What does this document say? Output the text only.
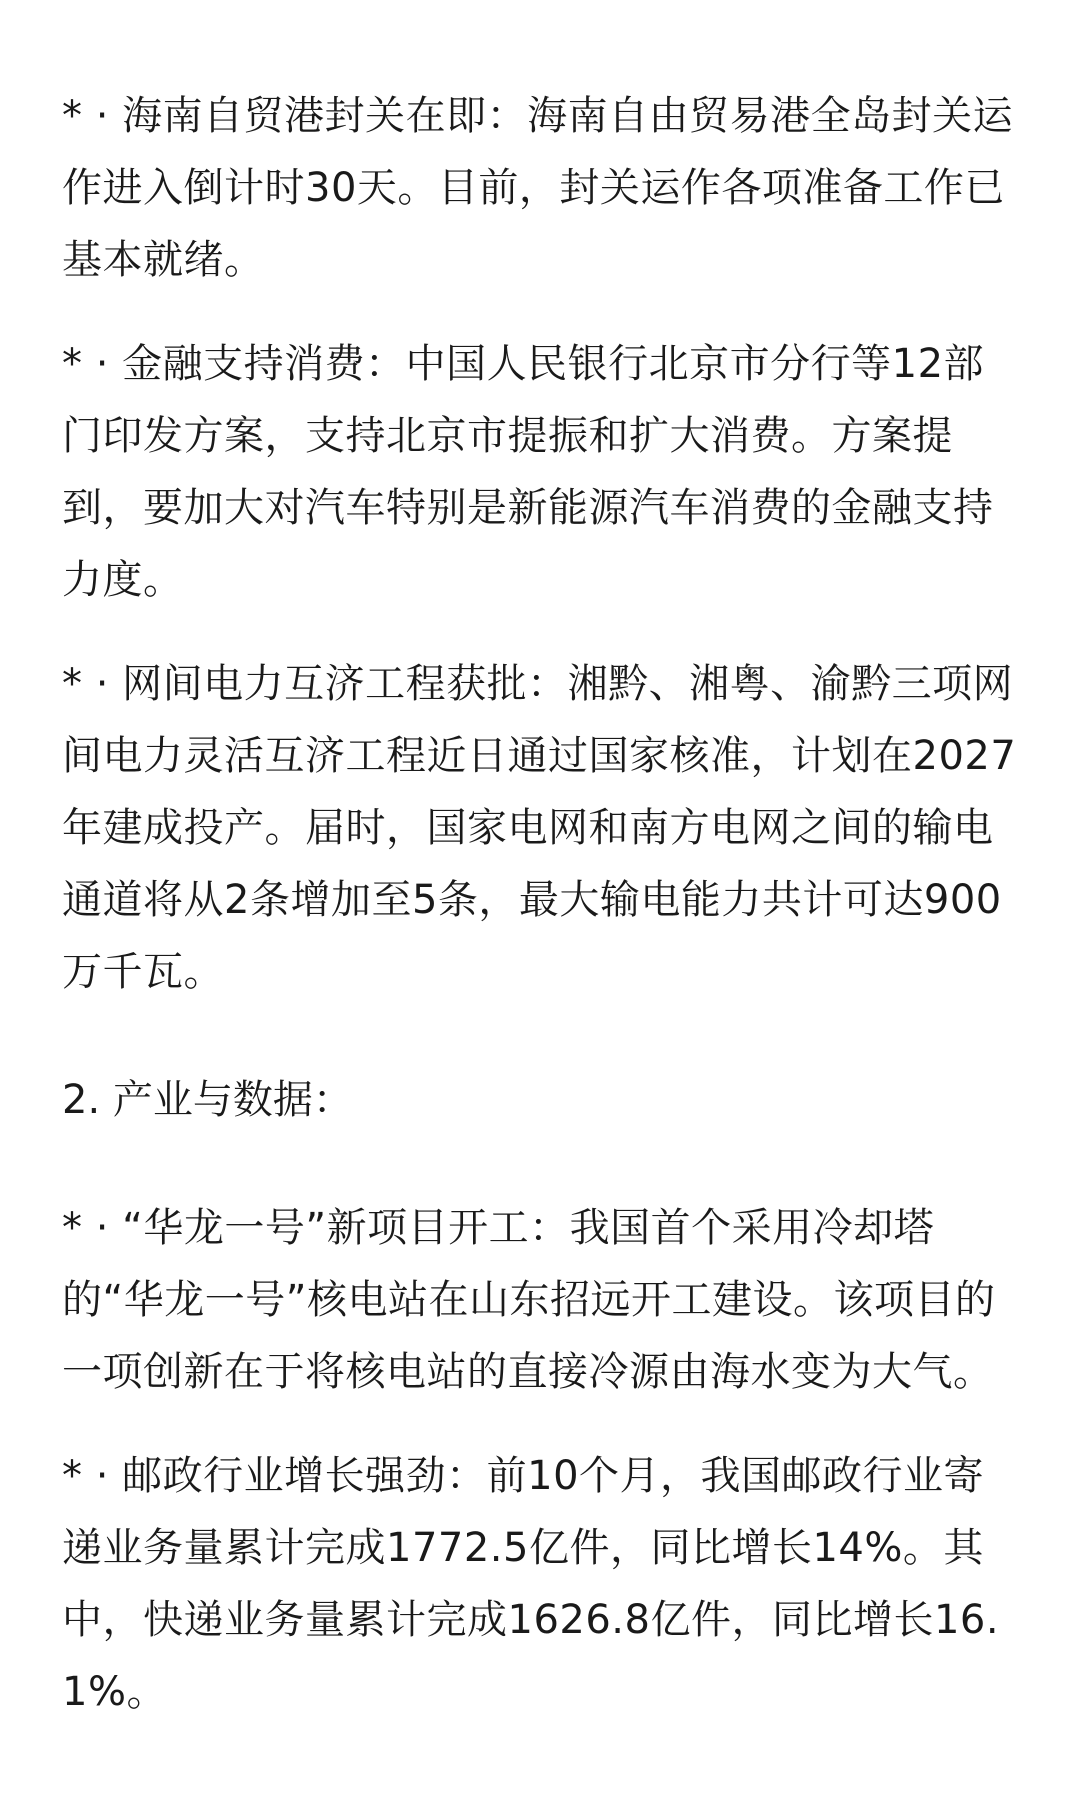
* · 海南自贸港封关在即：海南自由贸易港全岛封关运作进入倒计时30天。目前，封关运作各项准备工作已基本就绪。

* · 金融支持消费：中国人民银行北京市分行等12部门印发方案，支持北京市提振和扩大消费。方案提到，要加大对汽车特别是新能源汽车消费的金融支持力度。

* · 网间电力互济工程获批：湘黔、湘粤、渝黔三项网间电力灵活互济工程近日通过国家核准，计划在2027年建成投产。届时，国家电网和南方电网之间的输电通道将从2条增加至5条，最大输电能力共计可达900万千瓦。

2. 产业与数据：

* · “华龙一号”新项目开工：我国首个采用冷却塔的“华龙一号”核电站在山东招远开工建设。该项目的一项创新在于将核电站的直接冷源由海水变为大气。

* · 邮政行业增长强劲：前10个月，我国邮政行业寄递业务量累计完成1772.5亿件，同比增长14%。其中，快递业务量累计完成1626.8亿件，同比增长16.1%。
